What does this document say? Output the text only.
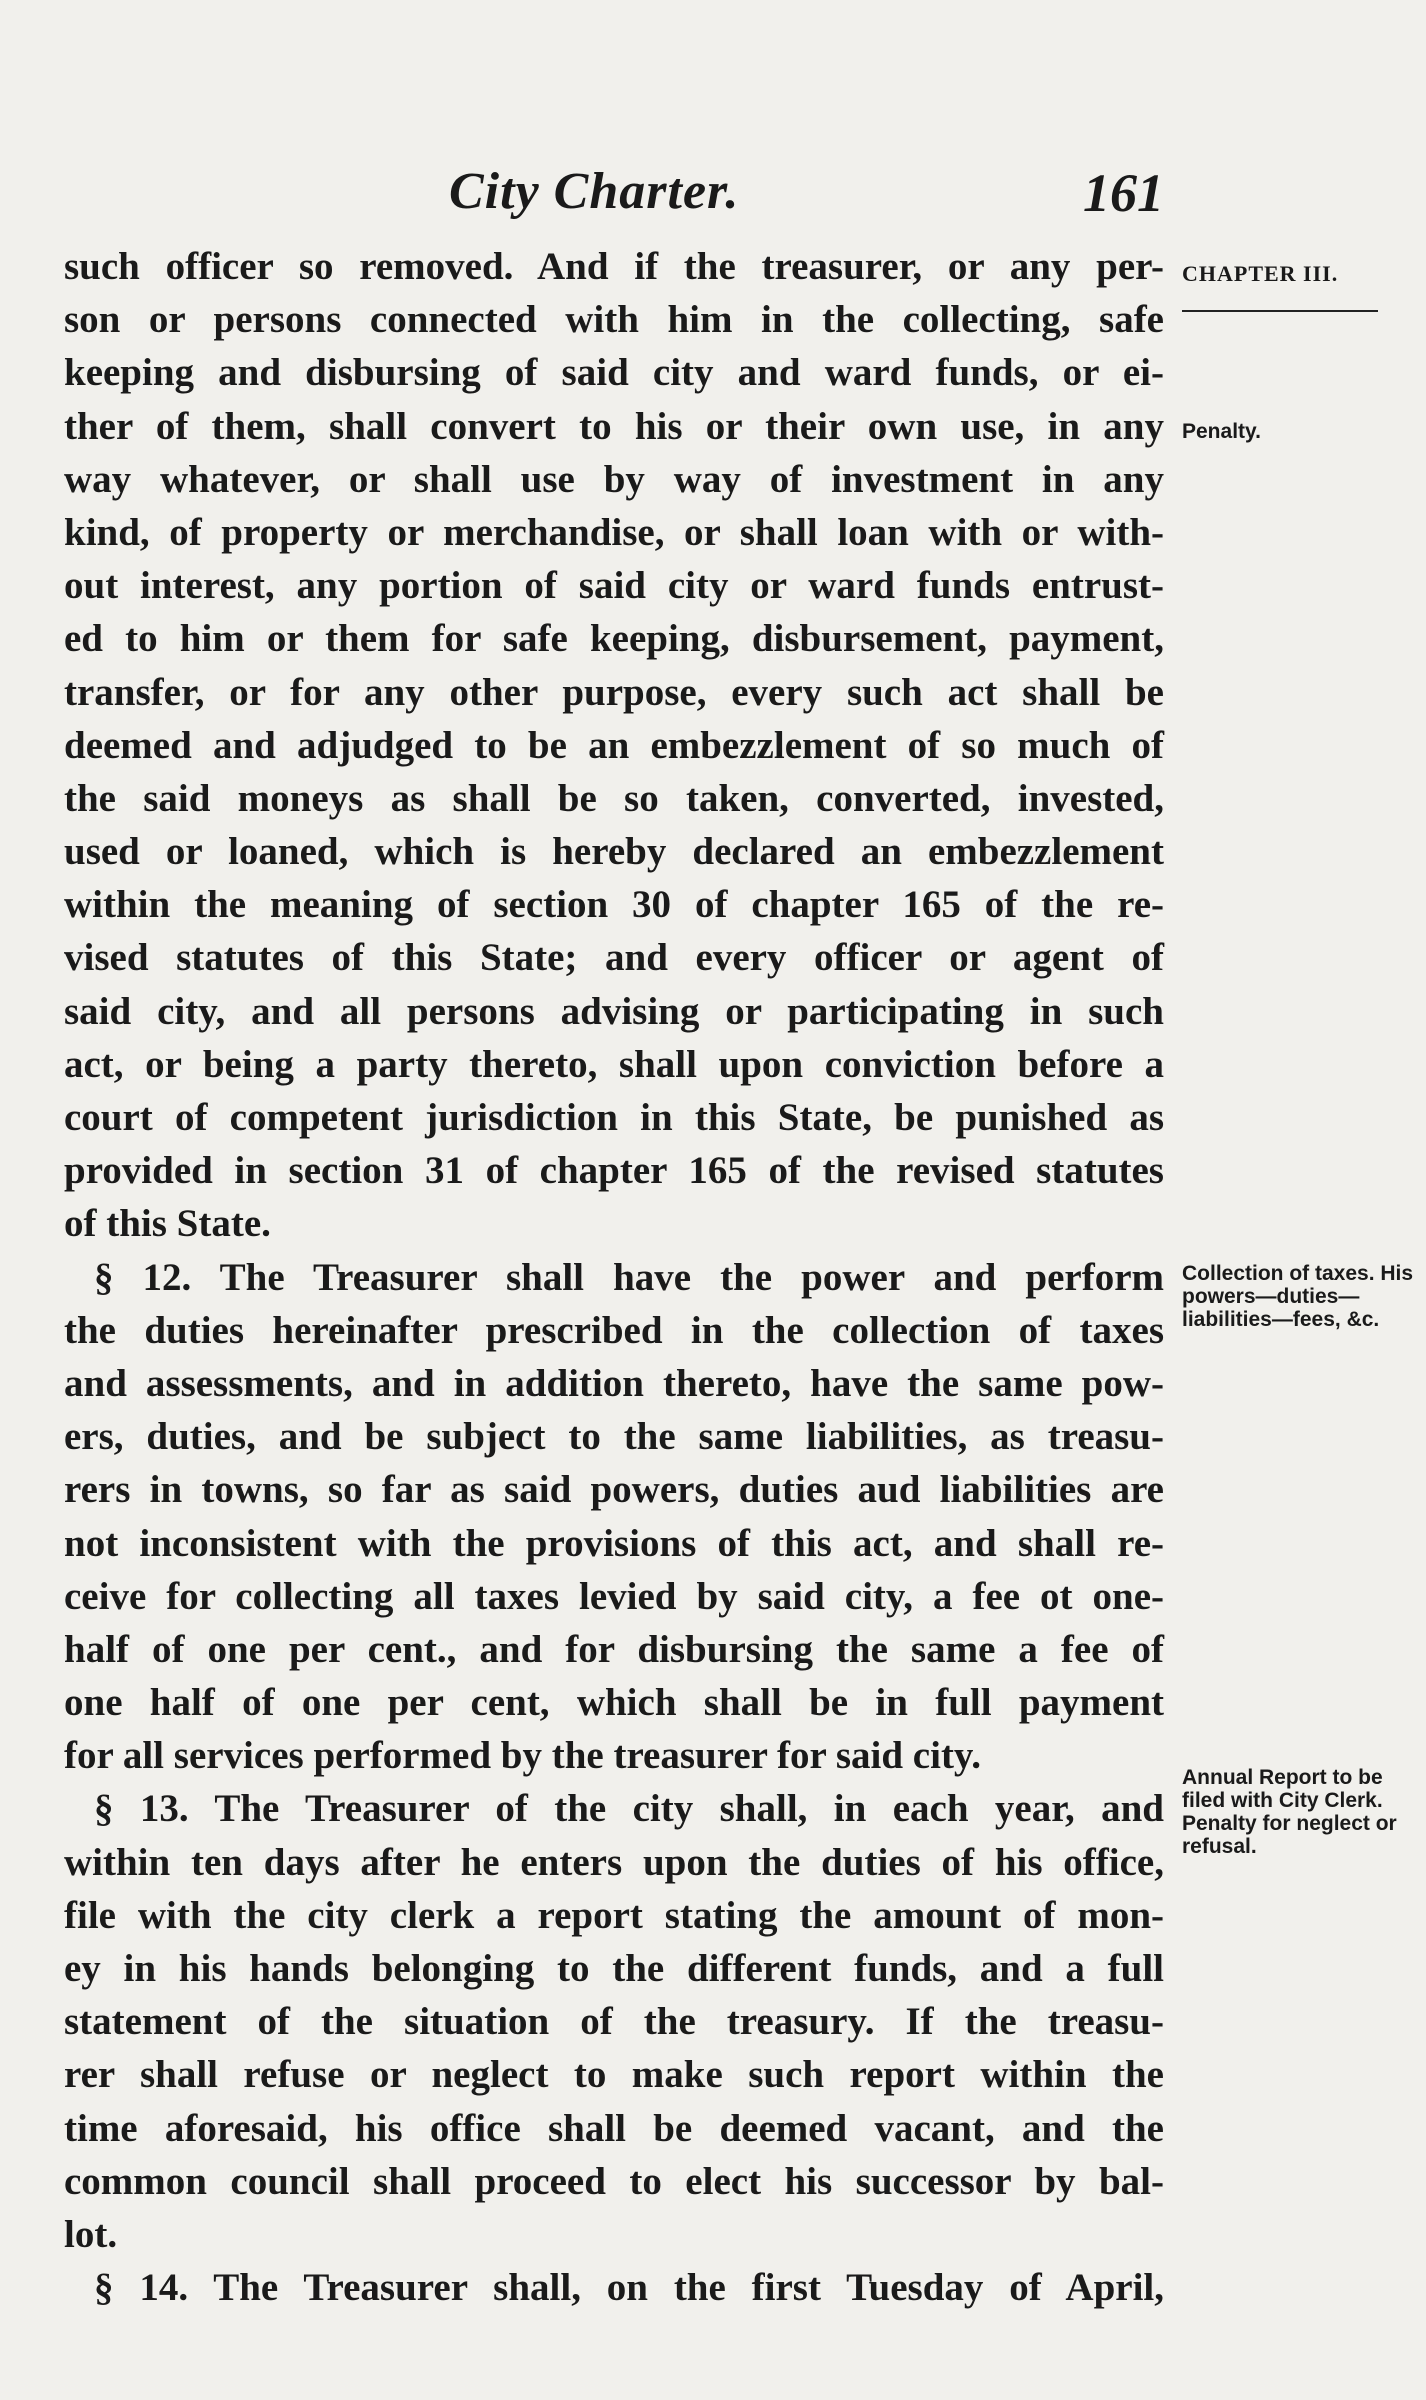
City Charter.	161
such officer so removed. And if the treasurer, or any per-
son or persons connected with him in the collecting, safe
keeping and disbursing of said city and ward funds, or ei-
ther of them, shall convert to his or their own use, in any
way whatever, or shall use by way of investment in any
kind, of property or merchandise, or shall loan with or with-
out interest, any portion of said city or ward funds entrust-
ed to him or them for safe keeping, disbursement, payment,
transfer, or for any other purpose, every such act shall be
deemed and adjudged to be an embezzlement of so much of
the said moneys as shall be so taken, converted, invested,
used or loaned, which is hereby declared an embezzlement
within the meaning of section 30 of chapter 165 of the re-
vised statutes of this State; and every officer or agent of
said city, and all persons advising or participating in such
act, or being a party thereto, shall upon conviction before a
court of competent jurisdiction in this State, be punished as
provided in section 31 of chapter 165 of the revised statutes
of this State.
§ 12. The Treasurer shall have the power and perform
the duties hereinafter prescribed in the collection of taxes
and assessments, and in addition thereto, have the same pow-
ers, duties, and be subject to the same liabilities, as treasu-
rers in towns, so far as said powers, duties aud liabilities are
not inconsistent with the provisions of this act, and shall re-
ceive for collecting all taxes levied by said city, a fee ot one-
half of one per cent., and for disbursing the same a fee of
one half of one per cent, which shall be in full payment
for all services performed by the treasurer for said city.
§ 13. The Treasurer of the city shall, in each year, and
within ten days after he enters upon the duties of his office,
file with the city clerk a report stating the amount of mon-
ey in his hands belonging to the different funds, and a full
statement of the situation of the treasury. If the treasu-
rer shall refuse or neglect to make such report within the
time aforesaid, his office shall be deemed vacant, and the
common council shall proceed to elect his successor by bal-
lot.
§ 14. The Treasurer shall, on the first Tuesday of April,
CHAPTER III.
Penalty.
Collection of taxes. His powers—duties—liabilities—fees, &c.
Annual Report to be filed with City Clerk. Penalty for neglect or refusal.
